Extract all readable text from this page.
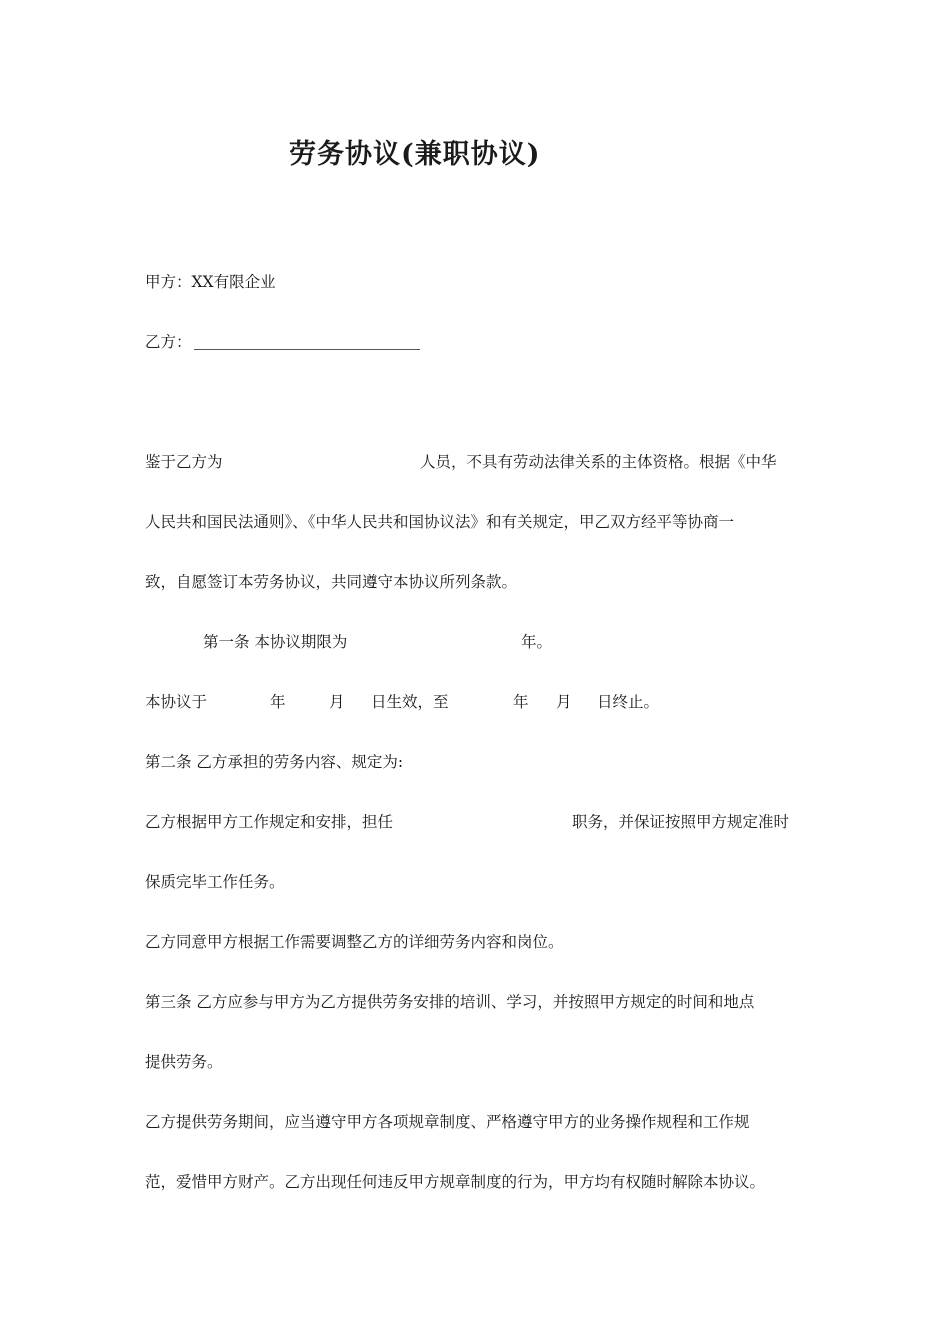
劳务协议(兼职协议)
甲方：XX有限企业
乙方：
鉴于乙方为	人员，不具有劳动法律关系的主体资格。根据《中华
人民共和国民法通则》、《中华人民共和国协议法》和有关规定，甲乙双方经平等协商一
致，自愿签订本劳务协议，共同遵守本协议所列条款。
第一条 本协议期限为	年。
本协议于	年	月 日生效，至	年 月 日终止。
第二条 乙方承担的劳务内容、规定为:
乙方根据甲方工作规定和安排，担任	职务，并保证按照甲方规定准时
保质完毕工作任务。
乙方同意甲方根据工作需要调整乙方的详细劳务内容和岗位。
第三条 乙方应参与甲方为乙方提供劳务安排的培训、学习，并按照甲方规定的时间和地点
提供劳务。
乙方提供劳务期间，应当遵守甲方各项规章制度、严格遵守甲方的业务操作规程和工作规
范，爱惜甲方财产。乙方出现任何违反甲方规章制度的行为，甲方均有权随时解除本协议。
